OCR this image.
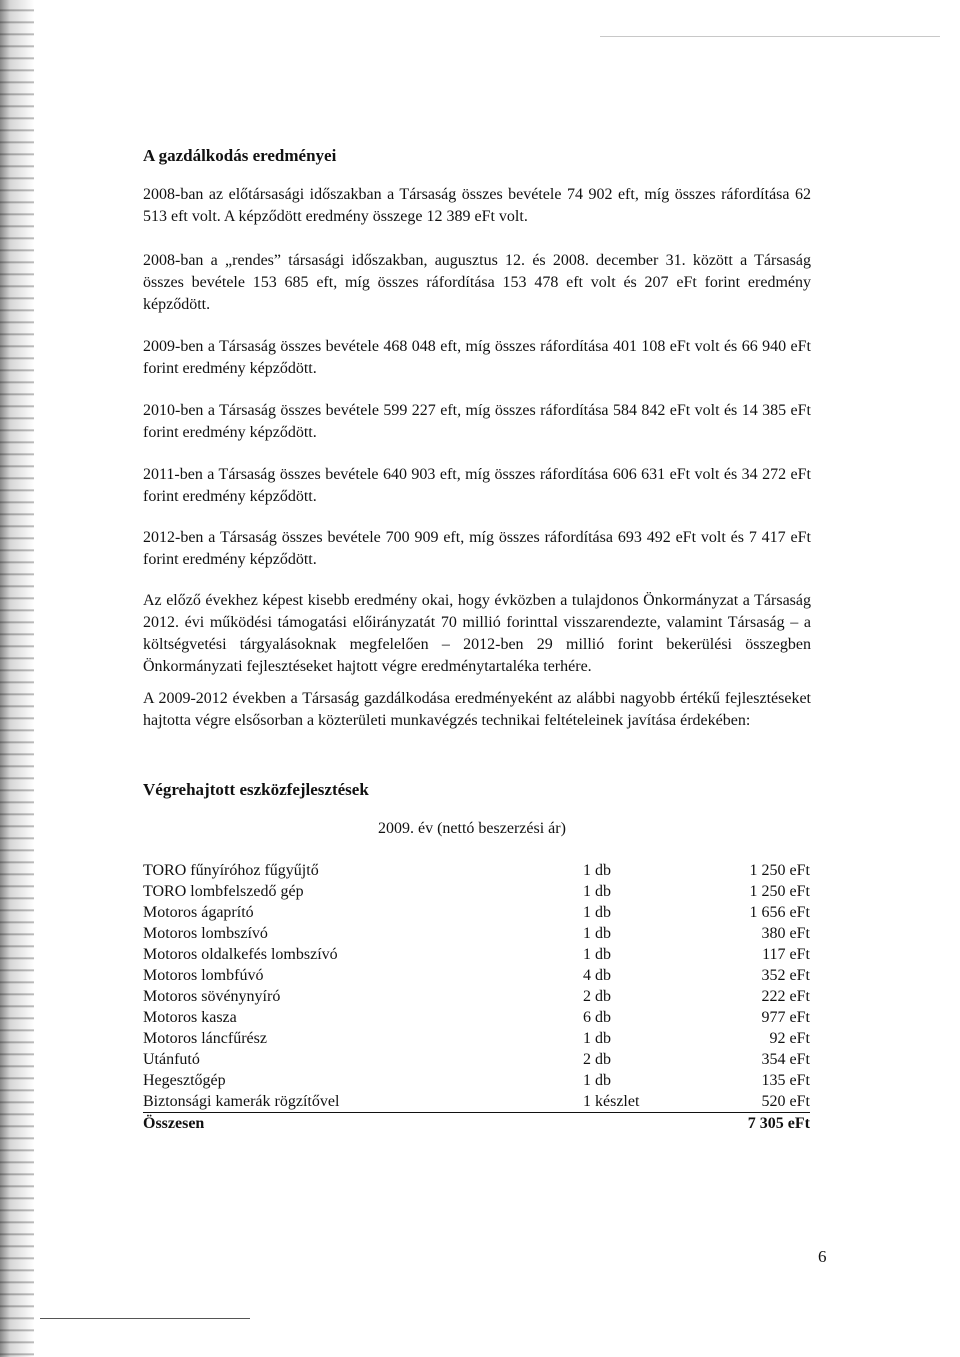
A gazdálkodás eredményei
2008-ban az előtársasági időszakban a Társaság összes bevétele 74 902 eft, míg összes ráfordítása 62 513 eft volt. A képződött eredmény összege 12 389 eFt volt.
2008-ban a „rendes” társasági időszakban, augusztus 12. és 2008. december 31. között a Társaság összes bevétele 153 685 eft, míg összes ráfordítása 153 478 eft volt és 207 eFt forint eredmény képződött.
2009-ben a Társaság összes bevétele 468 048 eft, míg összes ráfordítása 401 108 eFt volt és 66 940 eFt forint eredmény képződött.
2010-ben a Társaság összes bevétele 599 227 eft, míg összes ráfordítása 584 842 eFt volt és 14 385 eFt forint eredmény képződött.
2011-ben a Társaság összes bevétele 640 903 eft, míg összes ráfordítása 606 631 eFt volt és 34 272 eFt forint eredmény képződött.
2012-ben a Társaság összes bevétele 700 909 eft, míg összes ráfordítása 693 492 eFt volt és 7 417 eFt forint eredmény képződött.
Az előző évekhez képest kisebb eredmény okai, hogy évközben a tulajdonos Önkormányzat a Társaság 2012. évi működési támogatási előirányzatát 70 millió forinttal visszarendezte, valamint Társaság – a költségvetési tárgyalásoknak megfelelően – 2012-ben 29 millió forint bekerülési összegben Önkormányzati fejlesztéseket hajtott végre eredménytartaléka terhére.
A 2009-2012 években a Társaság gazdálkodása eredményeként az alábbi nagyobb értékű fejlesztéseket hajtotta végre elsősorban a közterületi munkavégzés technikai feltételeinek javítása érdekében:
Végrehajtott eszközfejlesztések
2009. év (nettó beszerzési ár)
TORO fűnyíróhoz fűgyűjtő	1 db	1 250 eFt
TORO lombfelszedő gép	1 db	1 250 eFt
Motoros ágaprító	1 db	1 656 eFt
Motoros lombszívó	1 db	380 eFt
Motoros oldalkefés lombszívó	1 db	117 eFt
Motoros lombfúvó	4 db	352 eFt
Motoros sövénynyíró	2 db	222 eFt
Motoros kasza	6 db	977 eFt
Motoros láncfűrész	1 db	92 eFt
Utánfutó	2 db	354 eFt
Hegesztőgép	1 db	135 eFt
Biztonsági kamerák rögzítővel	1 készlet	520 eFt
Összesen		7 305 eFt
6
